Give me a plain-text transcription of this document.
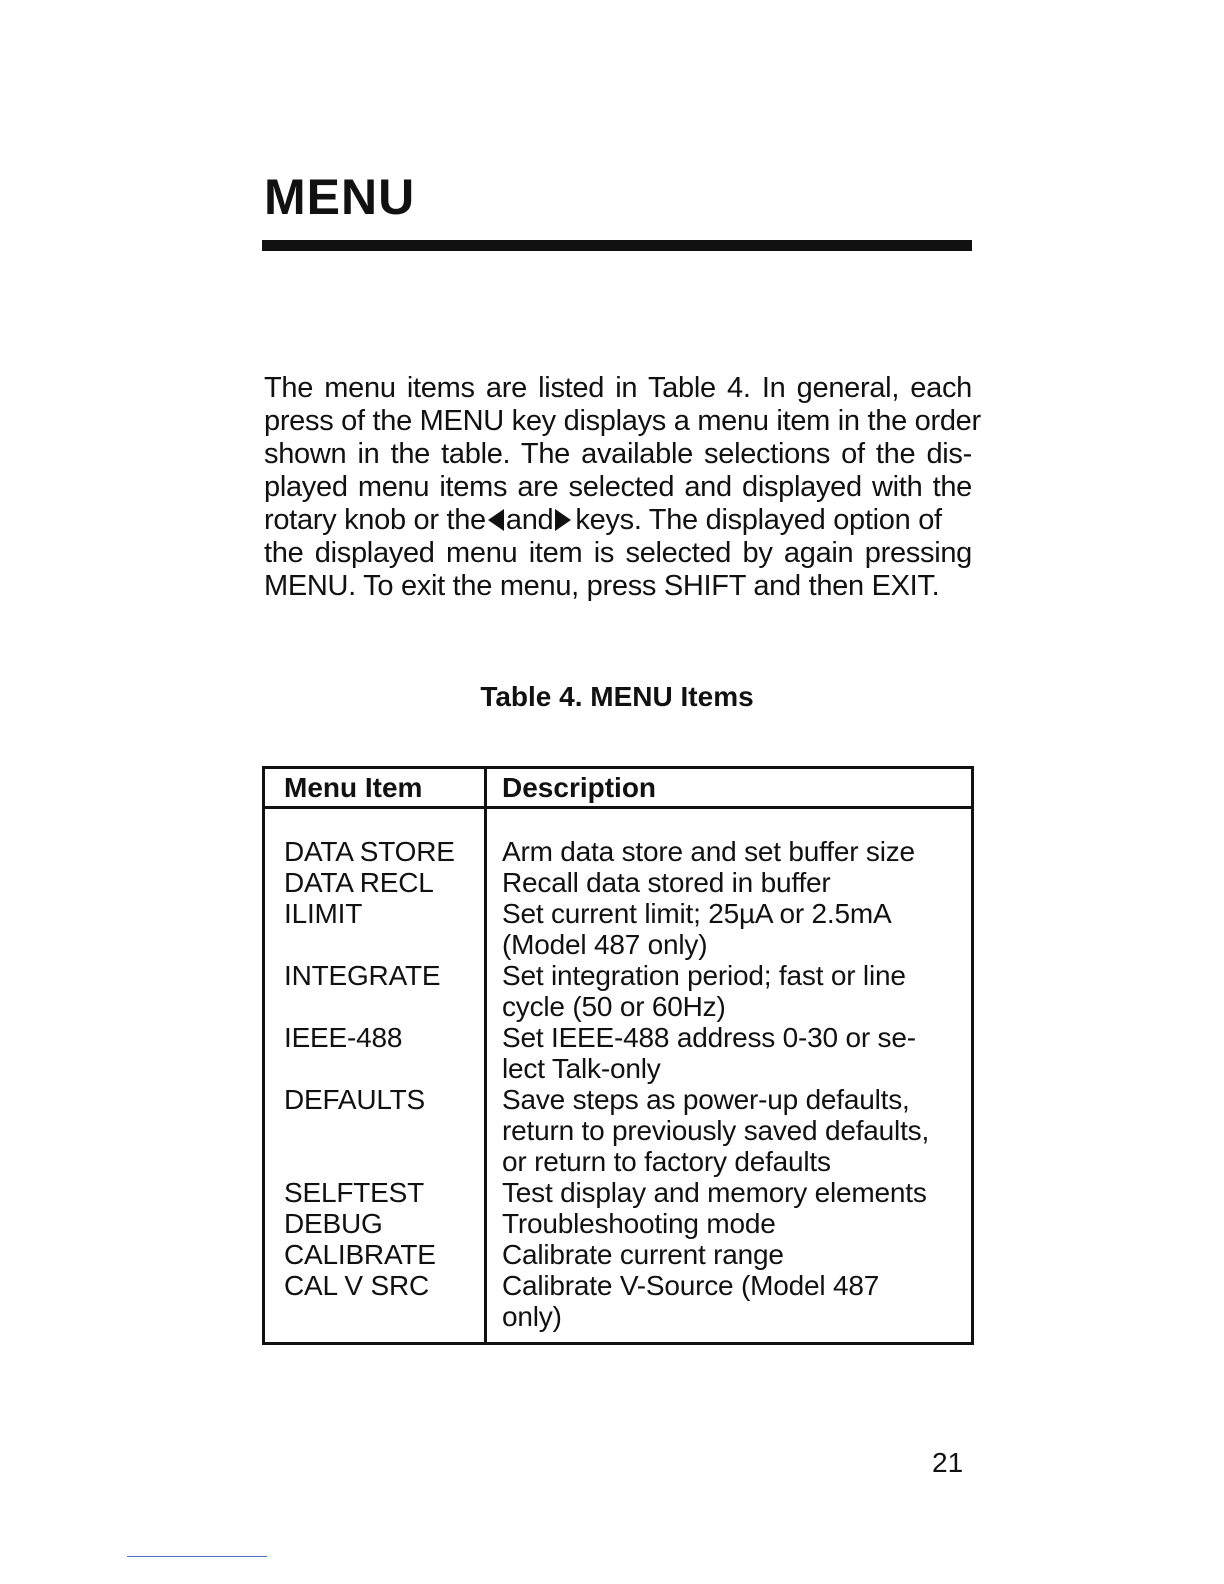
MENU
The menu items are listed in Table 4. In general, each
press of the MENU key displays a menu item in the order
shown in the table. The available selections of the dis-
played menu items are selected and displayed with the
rotary knob or the and keys. The displayed option of
the displayed menu item is selected by again pressing
MENU. To exit the menu, press SHIFT and then EXIT.
Table 4. MENU Items
Menu Item	Description
DATA STORE
DATA RECL
ILIMIT

INTEGRATE

IEEE-488

DEFAULTS

SELFTEST
DEBUG
CALIBRATE
CAL V SRC

Arm data store and set buffer size
Recall data stored in buffer
Set current limit; 25µA or 2.5mA
(Model 487 only)
Set integration period; fast or line
cycle (50 or 60Hz)
Set IEEE-488 address 0-30 or se-
lect Talk-only
Save steps as power-up defaults,
return to previously saved defaults,
or return to factory defaults
Test display and memory elements
Troubleshooting mode
Calibrate current range
Calibrate V-Source (Model 487
only)

21
